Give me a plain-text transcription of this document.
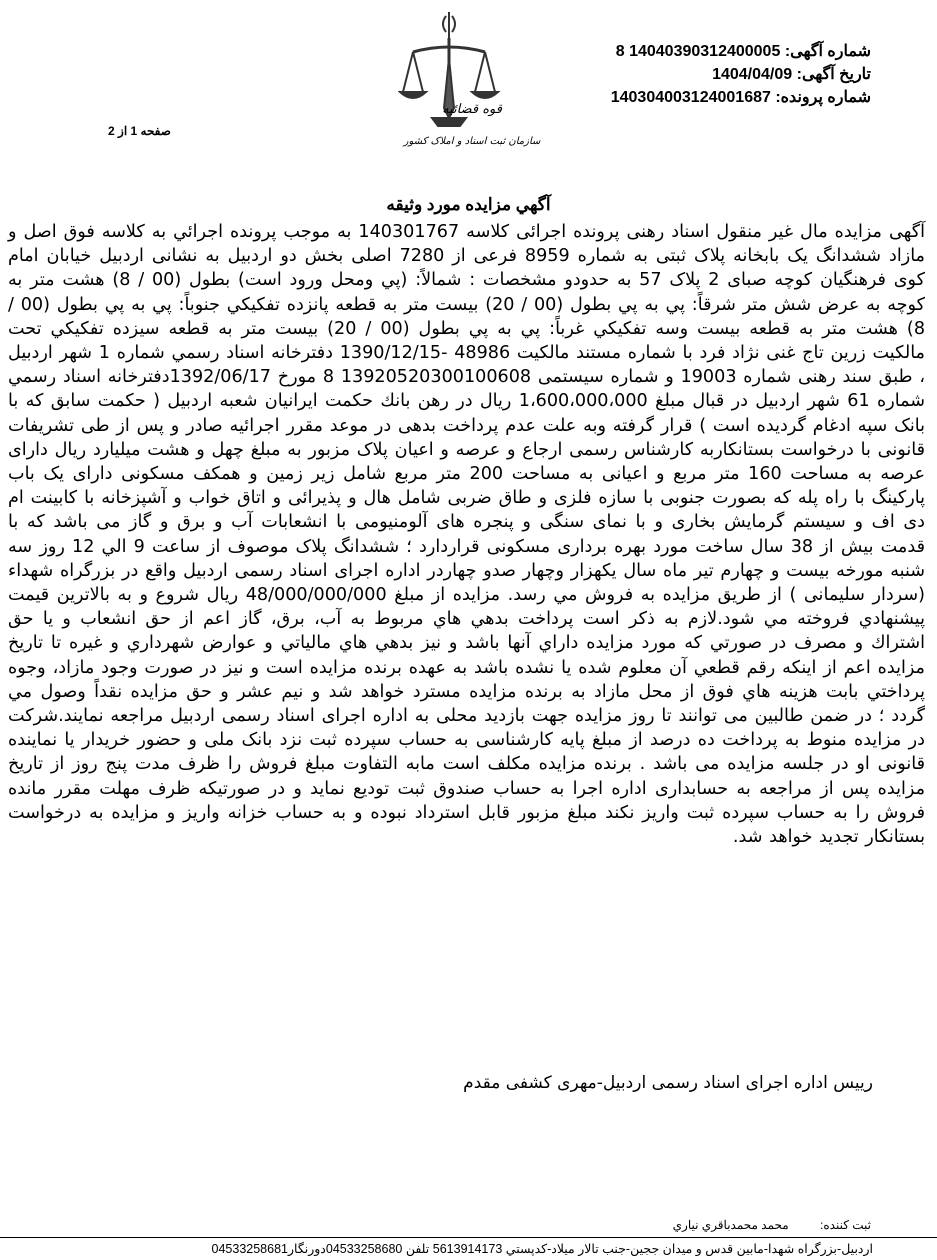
شماره آگهی: 14040390312400005 8
تاریخ آگهی: 1404/04/09
شماره پرونده: 140304003124001687
صفحه 1 از 2
قوه قضائيه
سازمان ثبت اسناد و املاک کشور
آگهي مزايده مورد وثيقه
آگهی مزایده مال غیر منقول اسناد رهنی پرونده اجرائی کلاسه 140301767 به موجب پرونده اجرائي به کلاسه فوق اصل و مازاد ششدانگ یک بابخانه پلاک ثبتی به شماره 8959 فرعی از 7280 اصلی بخش دو اردبیل به نشانی اردبیل خیابان امام کوی فرهنگیان کوچه صبای 2 پلاک 57 به حدودو مشخصات : شمالاً: (پي ومحل ورود است) بطول (00 / 8) هشت متر به کوچه به عرض شش متر شرقاً: پي به پي بطول (00 / 20) بيست متر به قطعه پانزده تفکيکي جنوباً: پي به پي بطول (00 / 8) هشت متر به قطعه بيست وسه تفکيکي غرباً: پي به پي بطول (00 / 20) بيست متر به قطعه سيزده تفکيکي تحت مالکيت زرين تاج غنی نژاد فرد با شماره مستند مالکيت 48986 -1390/12/15 دفترخانه اسناد رسمي شماره 1 شهر اردبیل ، طبق سند رهنی شماره 19003 و شماره سیستمی 13920520300100608 8 مورخ 1392/06/17دفترخانه اسناد رسمي شماره 61 شهر اردبيل در قبال مبلغ 1،600،000،000 ريال در رهن بانك حکمت ایرانیان شعبه اردبیل ( حکمت سابق که با بانک سپه ادغام گردیده است ) قرار گرفته وبه علت عدم پرداخت بدهی در موعد مقرر اجرائیه صادر و پس از طی تشریفات قانونی با درخواست بستانکاربه کارشناس رسمی ارجاع و عرصه و اعیان پلاک مزبور به مبلغ چهل و هشت میلیارد ریال دارای عرصه به مساحت 160 متر مربع و اعیانی به مساحت 200 متر مربع شامل زیر زمین و همکف مسکونی دارای یک باب پارکینگ با راه پله که بصورت جنوبی با سازه فلزی و طاق ضربی شامل هال و پذیرائی و اتاق خواب و آشپزخانه با کابینت ام دی اف و سیستم گرمایش بخاری و با نمای سنگی و پنجره های آلومنیومی با انشعابات آب و برق و گاز می باشد که با قدمت بیش از 38 سال ساخت مورد بهره برداری مسکونی قراردارد ؛ ششدانگ پلاک موصوف از ساعت 9 الي 12 روز سه شنبه مورخه بيست و چهارم تير ماه سال يکهزار وچهار صدو چهاردر اداره اجرای اسناد رسمی اردبیل واقع در بزرگراه شهداء (سردار سلیمانی ) از طريق مزايده به فروش مي رسد. مزايده از مبلغ 48/000/000/000 ريال شروع و به بالاترين قيمت پيشنهادي فروخته مي شود.لازم به ذکر است پرداخت بدهي هاي مربوط به آب، برق، گاز اعم از حق انشعاب و يا حق اشتراك و مصرف در صورتي که مورد مزايده داراي آنها باشد و نيز بدهي هاي مالياتي و عوارض شهرداري و غيره تا تاريخ مزايده اعم از اينکه رقم قطعي آن معلوم شده يا نشده باشد به عهده برنده مزايده است و نيز در صورت وجود مازاد، وجوه پرداختي بابت هزينه هاي فوق از محل مازاد به برنده مزايده مسترد خواهد شد و نيم عشر و حق مزايده نقداً وصول مي گردد ؛ در ضمن طالبین می توانند تا روز مزایده جهت بازديد محلی به اداره اجرای اسناد رسمی اردبیل مراجعه نمایند.شرکت در مزايده منوط به پرداخت ده درصد از مبلغ پايه کارشناسی به حساب سپرده ثبت نزد بانک ملی و حضور خريدار يا نماينده قانونی او در جلسه مزایده می باشد . برنده مزايده مکلف است مابه التفاوت مبلغ فروش را ظرف مدت پنج روز از تاريخ مزايده پس از مراجعه به حسابداری اداره اجرا به حساب صندوق ثبت توديع نمايد و در صورتيکه ظرف مهلت مقرر مانده فروش را به حساب سپرده ثبت واريز نکند مبلغ مزبور قابل استرداد نبوده و به حساب خزانه واريز و مزايده به درخواست بستانکار تجديد خواهد شد.
رييس اداره اجرای اسناد رسمی اردبیل-مهری کشفی مقدم
ثبت كننده: محمد محمدباقري نياري
اردبيل-بزرگراه شهدا-مابين قدس و ميدان ججين-جنب تالار ميلاد-کدپستي 5613914173 تلفن 04533258680دورنگار04533258681
